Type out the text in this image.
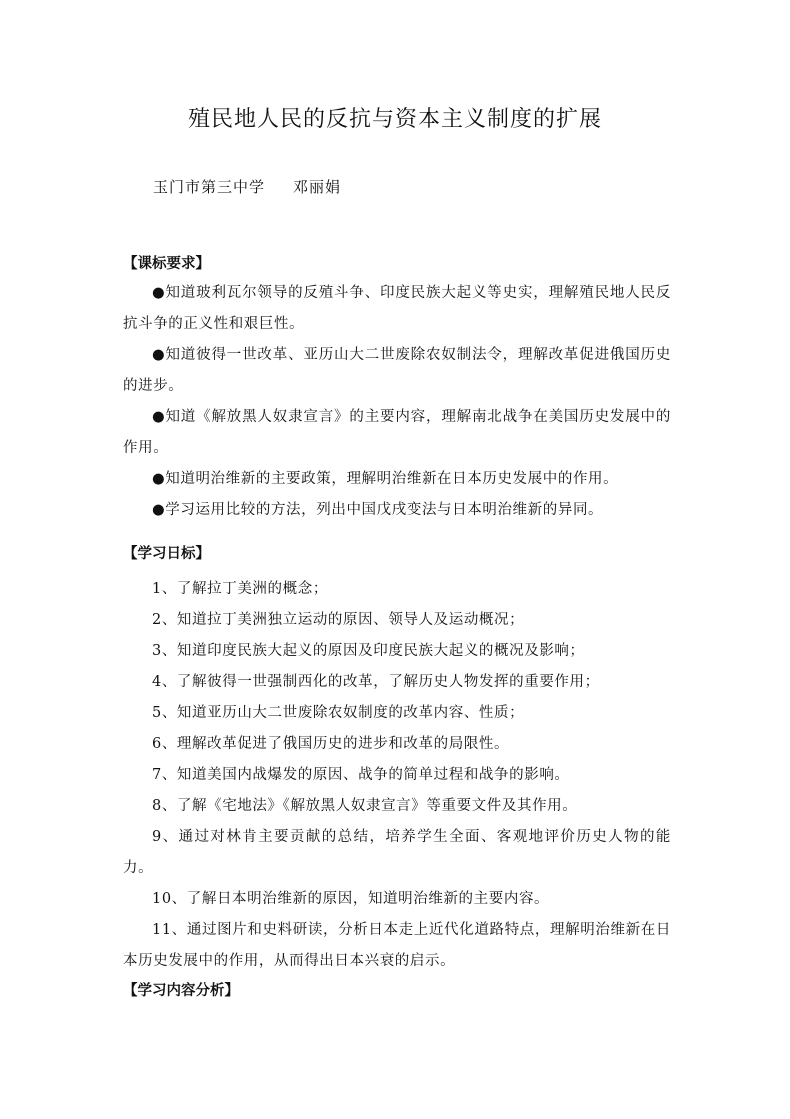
殖民地人民的反抗与资本主义制度的扩展
玉门市第三中学 邓丽娟
【课标要求】
●知道玻利瓦尔领导的反殖斗争、印度民族大起义等史实，理解殖民地人民反抗斗争的正义性和艰巨性。
●知道彼得一世改革、亚历山大二世废除农奴制法令，理解改革促进俄国历史的进步。
●知道《解放黑人奴隶宣言》的主要内容，理解南北战争在美国历史发展中的作用。
●知道明治维新的主要政策，理解明治维新在日本历史发展中的作用。
●学习运用比较的方法，列出中国戊戌变法与日本明治维新的异同。
【学习日标】
1、了解拉丁美洲的概念；
2、知道拉丁美洲独立运动的原因、领导人及运动概况；
3、知道印度民族大起义的原因及印度民族大起义的概况及影响；
4、了解彼得一世强制西化的改革，了解历史人物发挥的重要作用；
5、知道亚历山大二世废除农奴制度的改革内容、性质；
6、理解改革促进了俄国历史的进步和改革的局限性。
7、知道美国内战爆发的原因、战争的简单过程和战争的影响。
8、了解《宅地法》《解放黑人奴隶宣言》等重要文件及其作用。
9、通过对林肯主要贡献的总结，培养学生全面、客观地评价历史人物的能力。
10、了解日本明治维新的原因，知道明治维新的主要内容。
11、通过图片和史料研读，分析日本走上近代化道路特点，理解明治维新在日本历史发展中的作用，从而得出日本兴衰的启示。
【学习内容分析】
